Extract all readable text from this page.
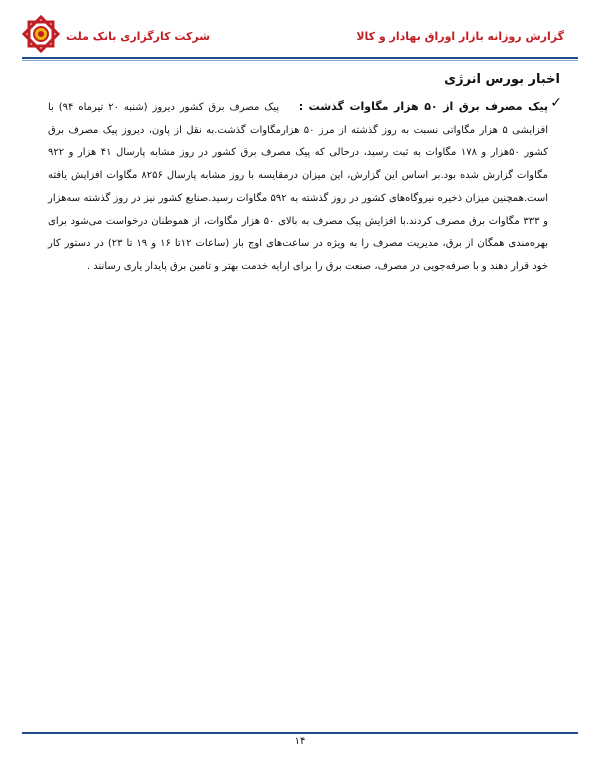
شرکت کارگزاری بانک ملت	گزارش روزانه بازار اوراق بهادار و کالا
اخبار بورس انرژی
✓
پیک مصرف برق از ۵۰ هزار مگاوات گذشت :    پیک مصرف برق کشور دیروز (شنبه ۲۰ تیرماه ۹۴) با افزایشی ۵ هزار مگاواتی نسبت به روز گذشته از مرز ۵۰ هزارمگاوات گذشت.به نقل از پاون، دیروز پیک مصرف برق کشور ۵۰هزار و ۱۷۸ مگاوات به ثبت رسید، درحالی که پیک مصرف برق کشور در روز مشابه پارسال ۴۱ هزار و ۹۲۲ مگاوات گزارش شده بود.بر اساس این گزارش، این میزان درمقایسه با روز مشابه پارسال ۸۲۵۶ مگاوات افزایش یافته است.همچنین میزان ذخیره نیروگاه‌های کشور در روز گذشته به ۵۹۲ مگاوات رسید.صنایع کشور نیز در روز گذشته سه‌هزار و ۳۳۳ مگاوات برق مصرف کردند.با افزایش پیک مصرف به بالای ۵۰ هزار مگاوات، از هموطنان درخواست می‌شود برای بهره‌مندی همگان از برق، مدیریت مصرف را به ویژه در ساعت‌های اوج بار (ساعات ۱۲تا ۱۶ و ۱۹ تا ۲۳) در دستور کار خود قرار دهند و با صرفه‌جویی در مصرف، صنعت برق را برای ارایه خدمت بهتر و تامین برق پایدار یاری رسانند .
۱۴
